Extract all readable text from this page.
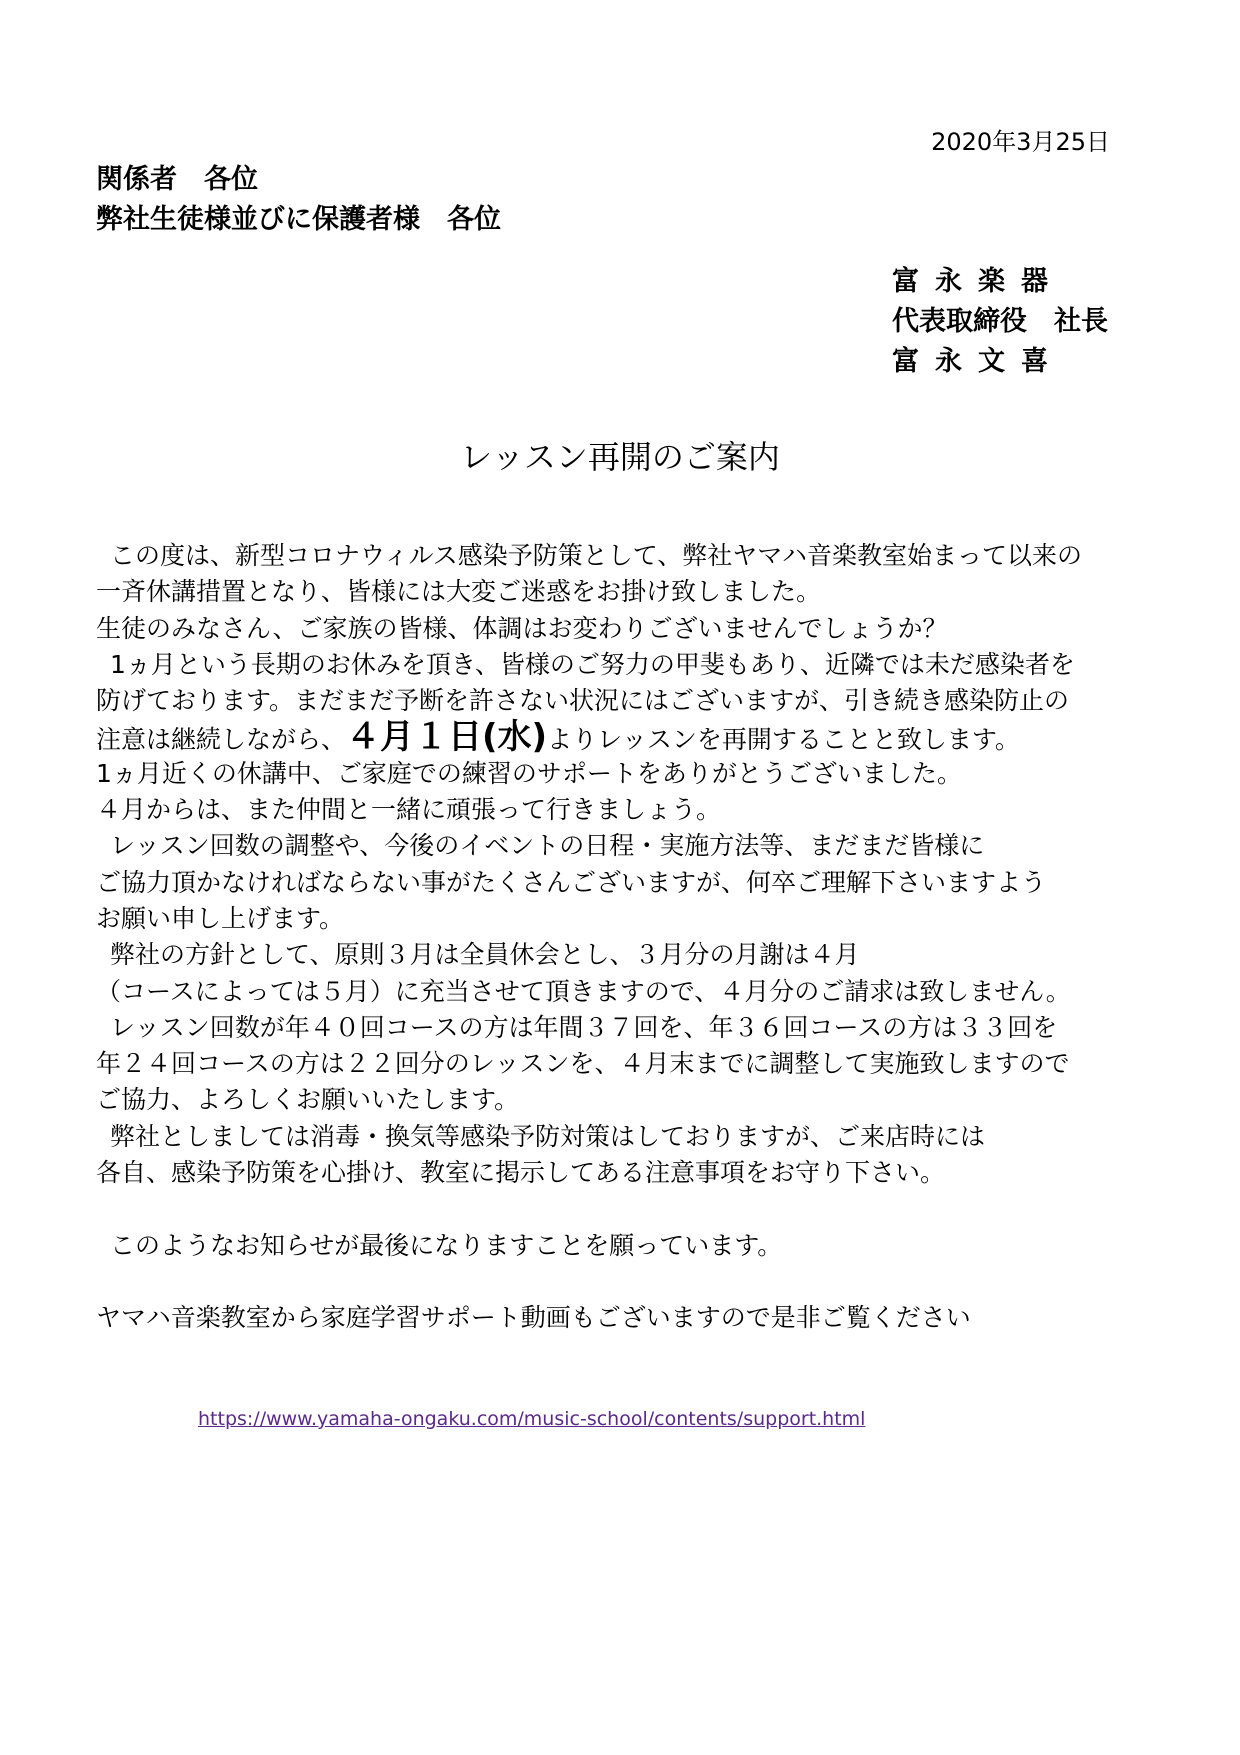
2020年3月25日
関係者　各位
弊社生徒様並びに保護者様　各位
富永楽器
代表取締役　社長
富永文喜
レッスン再開のご案内
この度は、新型コロナウィルス感染予防策として、弊社ヤマハ音楽教室始まって以来の
一斉休講措置となり、皆様には大変ご迷惑をお掛け致しました。
生徒のみなさん、ご家族の皆様、体調はお変わりございませんでしょうか？
1ヵ月という長期のお休みを頂き、皆様のご努力の甲斐もあり、近隣では未だ感染者を
防げております。まだまだ予断を許さない状況にはございますが、引き続き感染防止の
注意は継続しながら、４月１日(水)よりレッスンを再開することと致します。
1ヵ月近くの休講中、ご家庭での練習のサポートをありがとうございました。
４月からは、また仲間と一緒に頑張って行きましょう。
レッスン回数の調整や、今後のイベントの日程・実施方法等、まだまだ皆様に
ご協力頂かなければならない事がたくさんございますが、何卒ご理解下さいますよう
お願い申し上げます。
弊社の方針として、原則３月は全員休会とし、３月分の月謝は４月
（コースによっては５月）に充当させて頂きますので、４月分のご請求は致しません。
レッスン回数が年４０回コースの方は年間３７回を、年３６回コースの方は３３回を
年２４回コースの方は２２回分のレッスンを、４月末までに調整して実施致しますので
ご協力、よろしくお願いいたします。
弊社としましては消毒・換気等感染予防対策はしておりますが、ご来店時には
各自、感染予防策を心掛け、教室に掲示してある注意事項をお守り下さい。
このようなお知らせが最後になりますことを願っています。
ヤマハ音楽教室から家庭学習サポート動画もございますので是非ご覧ください
https://www.yamaha-ongaku.com/music-school/contents/support.html
